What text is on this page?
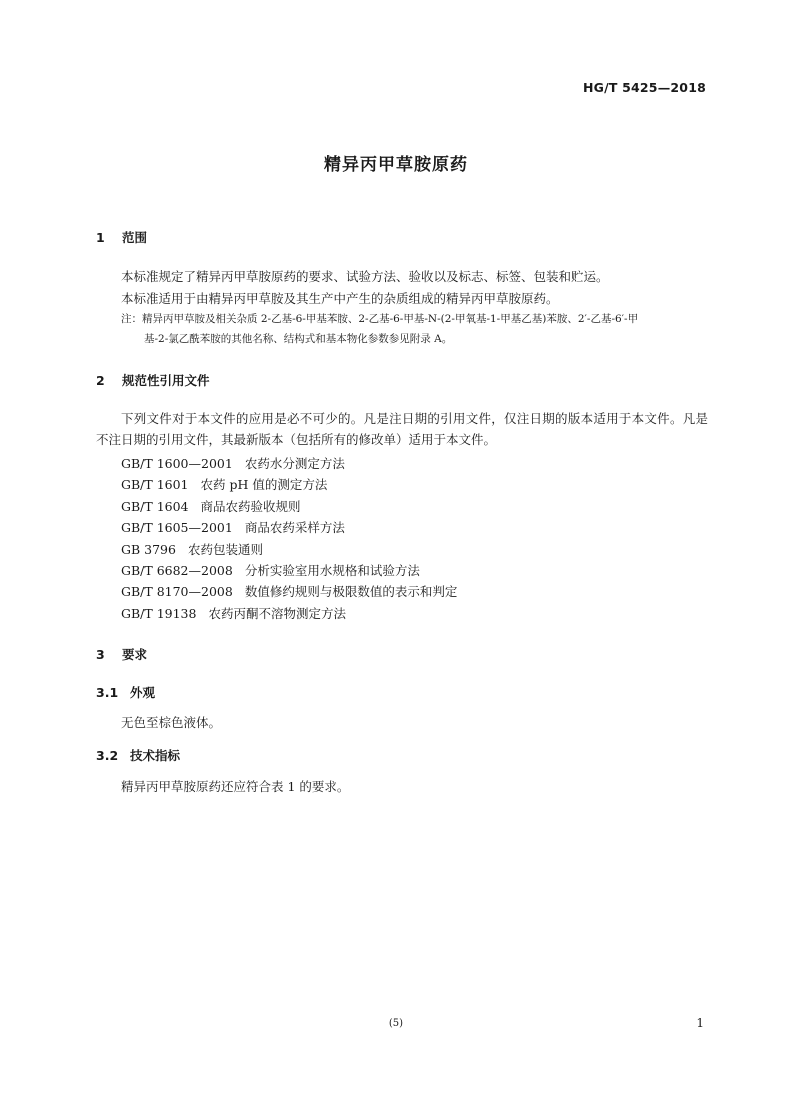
HG/T 5425—2018
精异丙甲草胺原药
1 范围
本标准规定了精异丙甲草胺原药的要求、试验方法、验收以及标志、标签、包装和贮运。
本标准适用于由精异丙甲草胺及其生产中产生的杂质组成的精异丙甲草胺原药。
注：精异丙甲草胺及相关杂质 2-乙基-6-甲基苯胺、2-乙基-6-甲基-N-(2-甲氧基-1-甲基乙基)苯胺、2′-乙基-6′-甲
基-2-氯乙酰苯胺的其他名称、结构式和基本物化参数参见附录 A。
2 规范性引用文件
下列文件对于本文件的应用是必不可少的。凡是注日期的引用文件，仅注日期的版本适用于本文件。凡是不注日期的引用文件，其最新版本（包括所有的修改单）适用于本文件。
GB/T 1600—2001 农药水分测定方法
GB/T 1601 农药 pH 值的测定方法
GB/T 1604 商品农药验收规则
GB/T 1605—2001 商品农药采样方法
GB 3796 农药包装通则
GB/T 6682—2008 分析实验室用水规格和试验方法
GB/T 8170—2008 数值修约规则与极限数值的表示和判定
GB/T 19138 农药丙酮不溶物测定方法
3 要求
3.1 外观
无色至棕色液体。
3.2 技术指标
精异丙甲草胺原药还应符合表 1 的要求。
(5)	1
